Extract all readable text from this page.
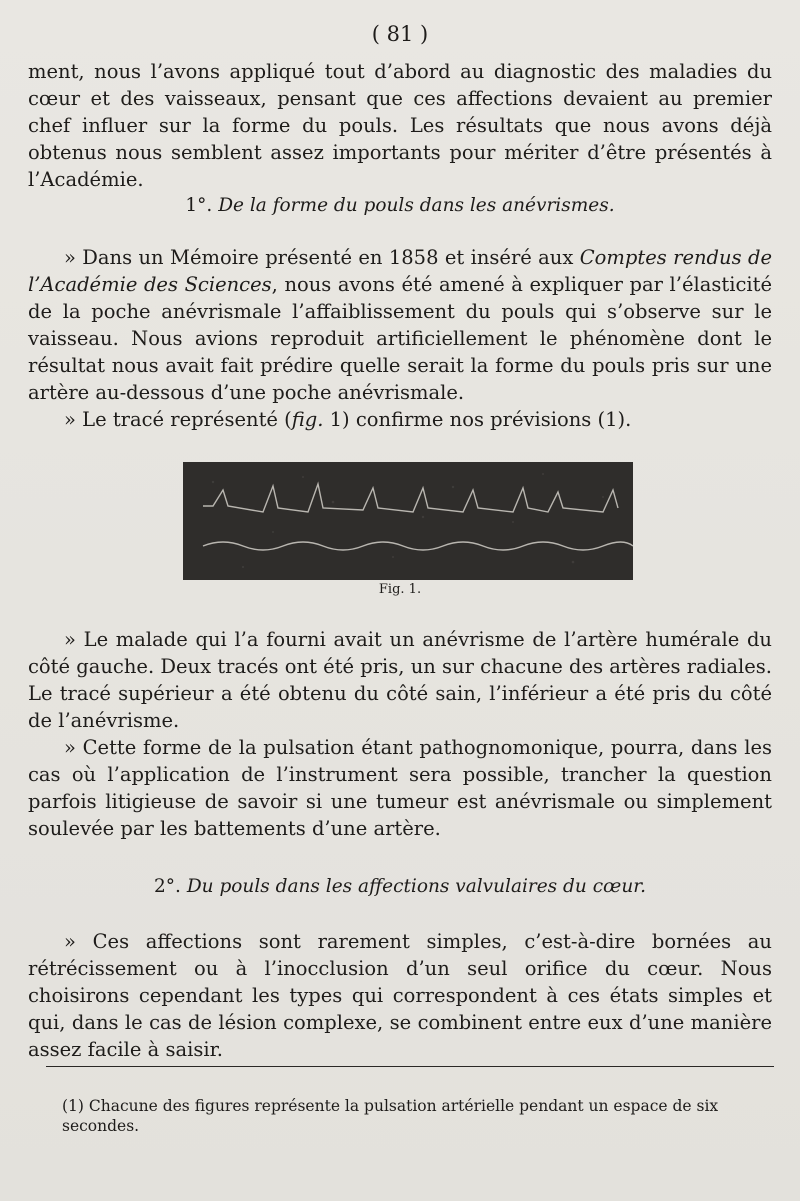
( 81 )

ment, nous l’avons appliqué tout d’abord au diagnostic des maladies du cœur et des vaisseaux, pensant que ces affections devaient au premier chef influer sur la forme du pouls. Les résultats que nous avons déjà obtenus nous semblent assez importants pour mériter d’être présentés à l’Académie.

1°. De la forme du pouls dans les anévrismes.

» Dans un Mémoire présenté en 1858 et inséré aux Comptes rendus de l’Académie des Sciences, nous avons été amené à expliquer par l’élasticité de la poche anévrismale l’affaiblissement du pouls qui s’observe sur le vaisseau. Nous avions reproduit artificiellement le phénomène dont le résultat nous avait fait prédire quelle serait la forme du pouls pris sur une artère au-dessous d’une poche anévrismale.

» Le tracé représenté (fig. 1) confirme nos prévisions (1).

Fig. 1.

» Le malade qui l’a fourni avait un anévrisme de l’artère humérale du côté gauche. Deux tracés ont été pris, un sur chacune des artères radiales. Le tracé supérieur a été obtenu du côté sain, l’inférieur a été pris du côté de l’anévrisme.

» Cette forme de la pulsation étant pathognomonique, pourra, dans les cas où l’application de l’instrument sera possible, trancher la question parfois litigieuse de savoir si une tumeur est anévrismale ou simplement soulevée par les battements d’une artère.

2°. Du pouls dans les affections valvulaires du cœur.

» Ces affections sont rarement simples, c’est-à-dire bornées au rétrécissement ou à l’inocclusion d’un seul orifice du cœur. Nous choisirons cependant les types qui correspondent à ces états simples et qui, dans le cas de lésion complexe, se combinent entre eux d’une manière assez facile à saisir.

(1) Chacune des figures représente la pulsation artérielle pendant un espace de six secondes.
